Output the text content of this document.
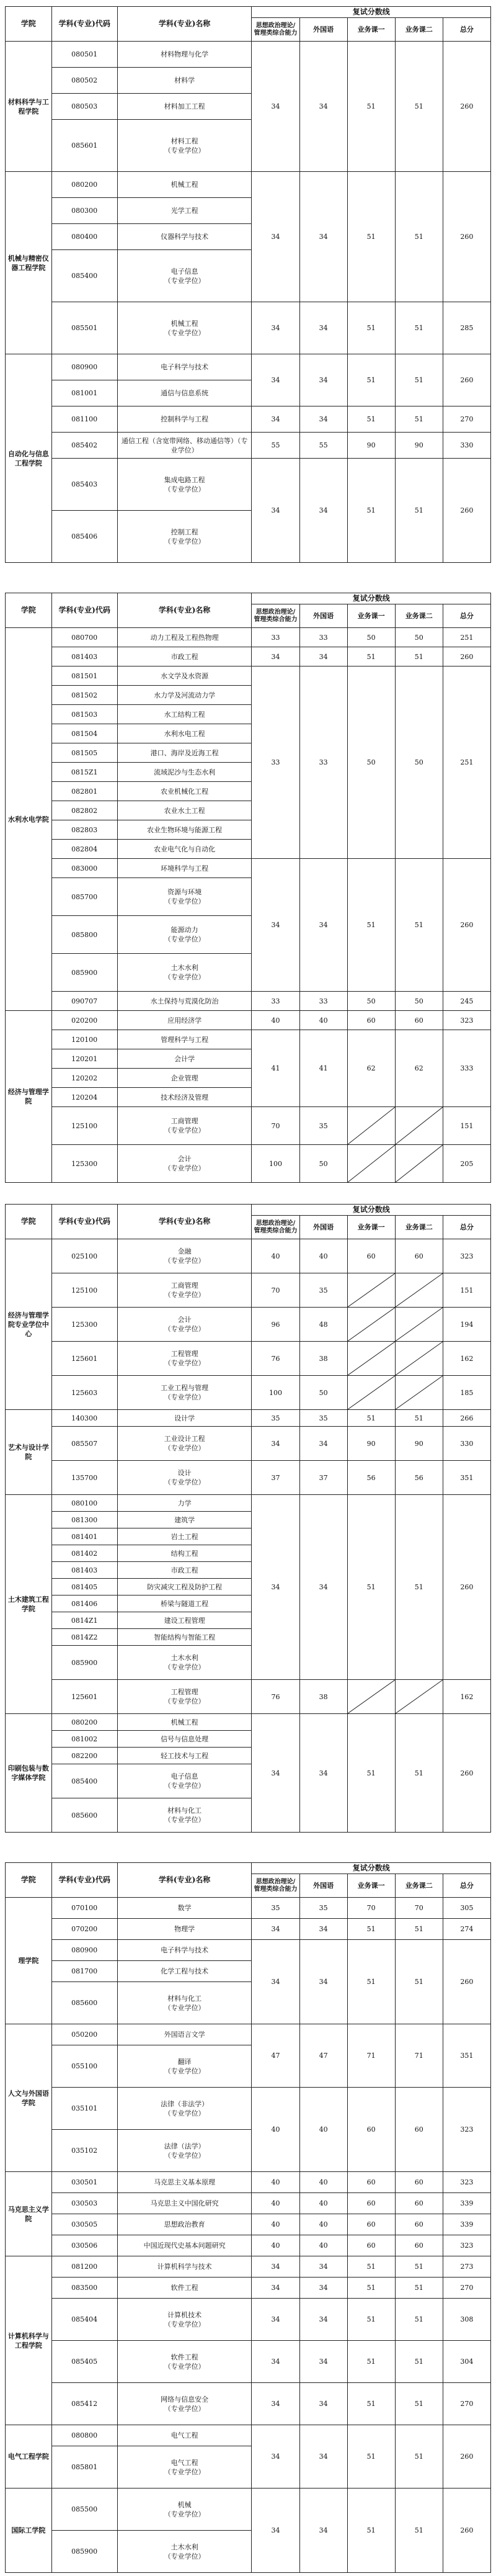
学院	学科(专业)代码	学科(专业)名称	复试分数线				
			思想政治理论/管理类综合能力	外国语	业务课一	业务课二	总分
材料科学与工程学院	080501	材料物理与化学	34	34	51	51	260
	080502	材料学					
	080503	材料加工工程					
	085601	材料工程
（专业学位）					
机械与精密仪器工程学院	080200	机械工程	34	34	51	51	260
	080300	光学工程					
	080400	仪器科学与技术					
	085400	电子信息
（专业学位）					
	085501	机械工程
（专业学位）	34	34	51	51	285
自动化与信息工程学院	080900	电子科学与技术	34	34	51	51	260
	081001	通信与信息系统					
	081100	控制科学与工程	34	34	51	51	270
	085402	通信工程（含宽带网络、移动通信等）（专业学位）	55	55	90	90	330
	085403	集成电路工程
（专业学位）	34	34	51	51	260
	085406	控制工程
（专业学位）					
学院	学科(专业)代码	学科(专业)名称	复试分数线				
			思想政治理论/管理类综合能力	外国语	业务课一	业务课二	总分
水利水电学院	080700	动力工程及工程热物理	33	33	50	50	251
	081403	市政工程	34	34	51	51	260
	081501	水文学及水资源	33	33	50	50	251
	081502	水力学及河流动力学					
	081503	水工结构工程					
	081504	水利水电工程					
	081505	港口、海岸及近海工程					
	0815Z1	流域泥沙与生态水利					
	082801	农业机械化工程					
	082802	农业水土工程					
	082803	农业生物环境与能源工程					
	082804	农业电气化与自动化					
	083000	环境科学与工程	34	34	51	51	260
	085700	资源与环境
（专业学位）					
	085800	能源动力
（专业学位）					
	085900	土木水利
（专业学位）					
	090707	水土保持与荒漠化防治	33	33	50	50	245
经济与管理学院	020200	应用经济学	40	40	60	60	323
	120100	管理科学与工程	41	41	62	62	333
	120201	会计学					
	120202	企业管理					
	120204	技术经济及管理					
	125100	工商管理
（专业学位）	70	35			151
	125300	会计
（专业学位）	100	50			205
学院	学科(专业)代码	学科(专业)名称	复试分数线				
			思想政治理论/管理类综合能力	外国语	业务课一	业务课二	总分
经济与管理学院专业学位中心	025100	金融
（专业学位）	40	40	60	60	323
	125100	工商管理
（专业学位）	70	35			151
	125300	会计
（专业学位）	96	48			194
	125601	工程管理
（专业学位）	76	38			162
	125603	工业工程与管理
（专业学位）	100	50			185
艺术与设计学院	140300	设计学	35	35	51	51	266
	085507	工业设计工程
（专业学位）	34	34	90	90	330
	135700	设计
（专业学位）	37	37	56	56	351
土木建筑工程学院	080100	力学	34	34	51	51	260
	081300	建筑学					
	081401	岩土工程					
	081402	结构工程					
	081403	市政工程					
	081405	防灾减灾工程及防护工程					
	081406	桥梁与隧道工程					
	0814Z1	建设工程管理					
	0814Z2	智能结构与智能工程					
	085900	土木水利
（专业学位）					
	125601	工程管理
（专业学位）	76	38			162
印刷包装与数字媒体学院	080200	机械工程	34	34	51	51	260
	081002	信号与信息处理					
	082200	轻工技术与工程					
	085400	电子信息
（专业学位）					
	085600	材料与化工
（专业学位）					
学院	学科(专业)代码	学科(专业)名称	复试分数线				
			思想政治理论/管理类综合能力	外国语	业务课一	业务课二	总分
理学院	070100	数学	35	35	70	70	305
	070200	物理学	34	34	51	51	274
	080900	电子科学与技术	34	34	51	51	260
	081700	化学工程与技术					
	085600	材料与化工
（专业学位）					
人文与外国语学院	050200	外国语言文学	47	47	71	71	351
	055100	翻译
（专业学位）					
	035101	法律（非法学）
（专业学位）	40	40	60	60	323
	035102	法律（法学）
（专业学位）					
马克思主义学院	030501	马克思主义基本原理	40	40	60	60	323
	030503	马克思主义中国化研究	40	40	60	60	339
	030505	思想政治教育	40	40	60	60	339
	030506	中国近现代史基本问题研究	40	40	60	60	323
计算机科学与工程学院	081200	计算机科学与技术	34	34	51	51	273
	083500	软件工程	34	34	51	51	270
	085404	计算机技术
（专业学位）	34	34	51	51	308
	085405	软件工程
（专业学位）	34	34	51	51	304
	085412	网络与信息安全
（专业学位）	34	34	51	51	270
电气工程学院	080800	电气工程	34	34	51	51	260
	085801	电气工程
（专业学位）					
国际工学院	085500	机械
（专业学位）	34	34	51	51	260
	085900	土木水利
（专业学位）					
